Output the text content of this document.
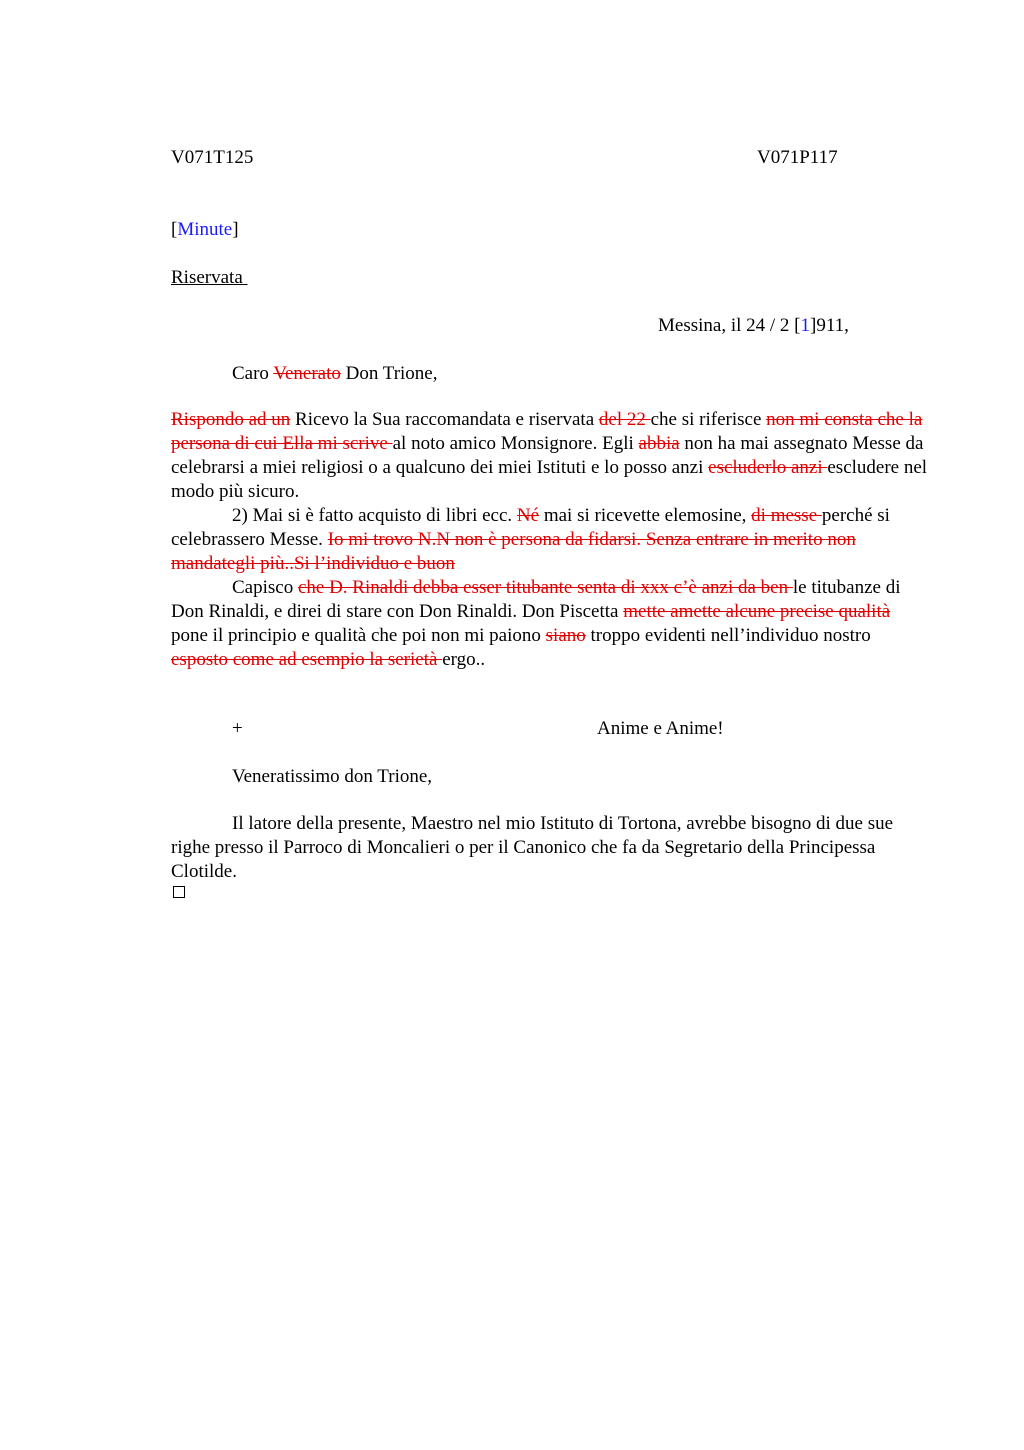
V071T125	V071P117
[Minute]
Riservata
Messina, il 24 / 2 [1]911,
Caro Venerato Don Trione,

Rispondo ad un Ricevo la Sua raccomandata e riservata del 22 che si riferisce non mi consta che la persona di cui Ella mi scrive al noto amico Monsignore. Egli abbia non ha mai assegnato Messe da celebrarsi a miei religiosi o a qualcuno dei miei Istituti e lo posso anzi escluderlo anzi escludere nel modo più sicuro.

2) Mai si è fatto acquisto di libri ecc. Né mai si ricevette elemosine, di messe perché si celebrassero Messe. Io mi trovo N.N non è persona da fidarsi. Senza entrare in merito non mandategli più..Si l’individuo e buon

Capisco che D. Rinaldi debba esser titubante senta di xxx c’è anzi da ben le titubanze di Don Rinaldi, e direi di stare con Don Rinaldi. Don Piscetta mette amette alcune precise qualità pone il principio e qualità che poi non mi paiono siano troppo evidenti nell’individuo nostro esposto come ad esempio la serietà ergo..

+	Anime e Anime!
Veneratissimo don Trione,

Il latore della presente, Maestro nel mio Istituto di Tortona, avrebbe bisogno di due sue righe presso il Parroco di Moncalieri o per il Canonico che fa da Segretario della Principessa Clotilde.
